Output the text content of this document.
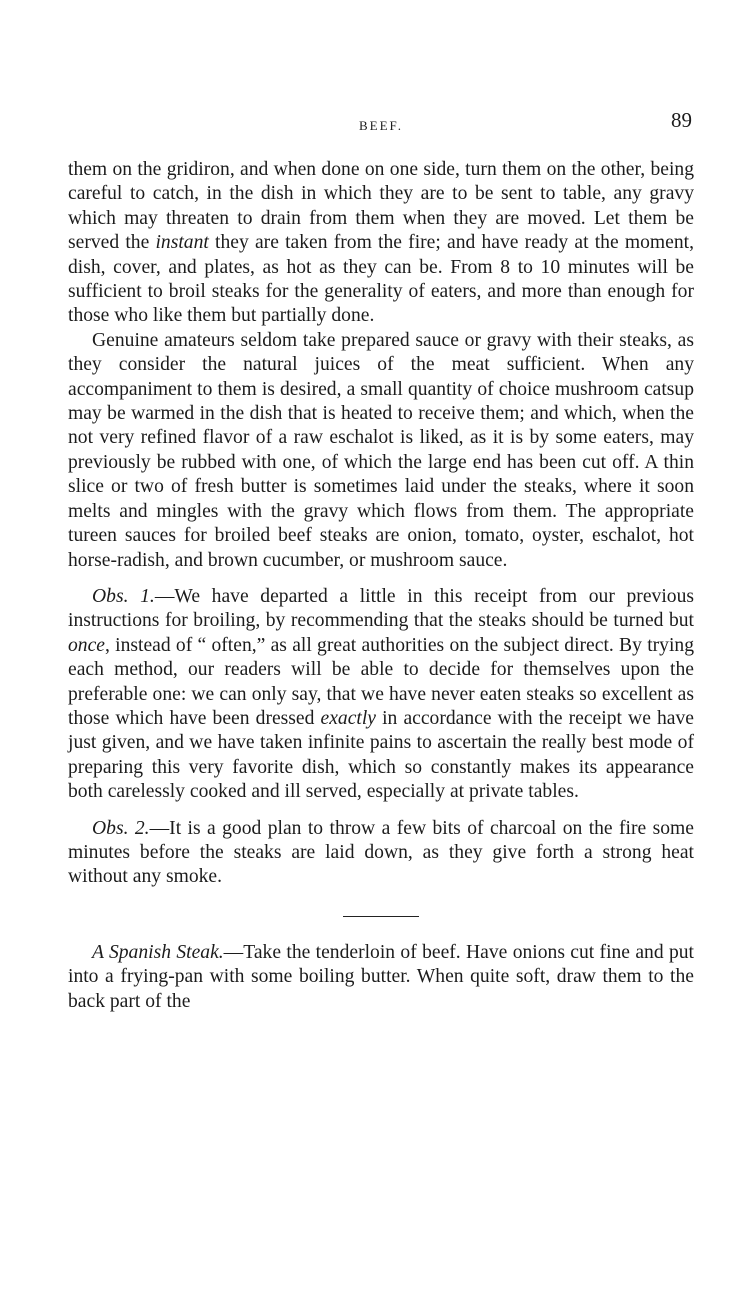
BEEF.	89

them on the gridiron, and when done on one side, turn them on the other, being careful to catch, in the dish in which they are to be sent to table, any gravy which may threaten to drain from them when they are moved. Let them be served the instant they are taken from the fire; and have ready at the moment, dish, cover, and plates, as hot as they can be. From 8 to 10 minutes will be sufficient to broil steaks for the generality of eaters, and more than enough for those who like them but partially done.

Genuine amateurs seldom take prepared sauce or gravy with their steaks, as they consider the natural juices of the meat sufficient. When any accompaniment to them is desired, a small quantity of choice mushroom catsup may be warmed in the dish that is heated to receive them; and which, when the not very refined flavor of a raw eschalot is liked, as it is by some eaters, may previously be rubbed with one, of which the large end has been cut off. A thin slice or two of fresh butter is sometimes laid under the steaks, where it soon melts and mingles with the gravy which flows from them. The appropriate tureen sauces for broiled beef steaks are onion, tomato, oyster, eschalot, hot horse-radish, and brown cucumber, or mushroom sauce.

Obs. 1.—We have departed a little in this receipt from our previous instructions for broiling, by recommending that the steaks should be turned but once, instead of “ often,” as all great authorities on the subject direct. By trying each method, our readers will be able to decide for themselves upon the preferable one: we can only say, that we have never eaten steaks so excellent as those which have been dressed exactly in accordance with the receipt we have just given, and we have taken infinite pains to ascertain the really best mode of preparing this very favorite dish, which so constantly makes its appearance both carelessly cooked and ill served, especially at private tables.

Obs. 2.—It is a good plan to throw a few bits of charcoal on the fire some minutes before the steaks are laid down, as they give forth a strong heat without any smoke.

A Spanish Steak.—Take the tenderloin of beef. Have onions cut fine and put into a frying-pan with some boiling butter. When quite soft, draw them to the back part of the
